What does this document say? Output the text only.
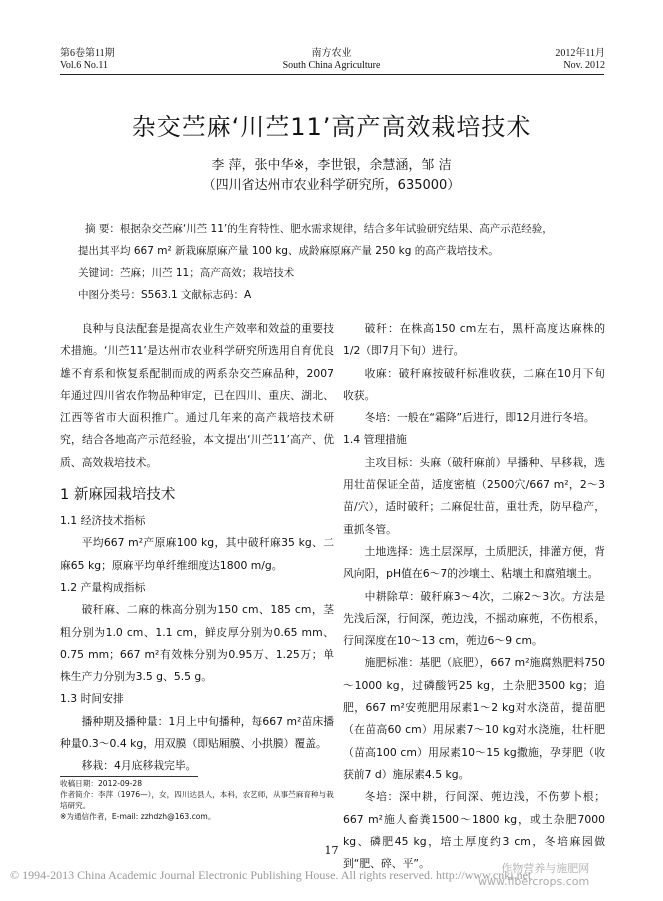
第6卷第11期
Vol.6 No.11
南方农业
South China Agriculture
2012年11月
Nov. 2012
杂交苎麻‘川苎11’高产高效栽培技术
李 萍，张中华※，李世银，余慧涵，邹 洁
（四川省达州市农业科学研究所，635000）
摘 要：根据杂交苎麻‘川苎 11’的生育特性、肥水需求规律，结合多年试验研究结果、高产示范经验，
提出其平均 667 m² 新栽麻原麻产量 100 kg、成龄麻原麻产量 250 kg 的高产栽培技术。
关键词：苎麻；川苎 11；高产高效；栽培技术
中图分类号：S563.1 文献标志码：A

良种与良法配套是提高农业生产效率和效益的重要技术措施。‘川苎11’是达州市农业科学研究所选用自育优良雄不育系和恢复系配制而成的两系杂交苎麻品种，2007年通过四川省农作物品种审定，已在四川、重庆、湖北、江西等省市大面积推广。通过几年来的高产栽培技术研究，结合各地高产示范经验，本文提出‘川苎11’高产、优质、高效栽培技术。

1 新麻园栽培技术

1.1 经济技术指标

平均667 m²产原麻100 kg，其中破秆麻35 kg、二麻65 kg；原麻平均单纤维细度达1800 m/g。

1.2 产量构成指标

破秆麻、二麻的株高分别为150 cm、185 cm，茎粗分别为1.0 cm、1.1 cm，鲜皮厚分别为0.65 mm、0.75 mm；667 m²有效株分别为0.95万、1.25万；单株生产力分别为3.5 g、5.5 g。

1.3 时间安排

播种期及播种量：1月上中旬播种，每667 m²苗床播种量0.3～0.4 kg，用双膜（即贴厢膜、小拱膜）覆盖。

移栽：4月底移栽完毕。

破秆：在株高150 cm左右，黑杆高度达麻株的1/2（即7月下旬）进行。

收麻：破秆麻按破秆标准收获，二麻在10月下旬收获。

冬培：一般在“霜降”后进行，即12月进行冬培。

1.4 管理措施

主攻目标：头麻（破秆麻前）早播种、早移栽，选用壮苗保证全苗，适度密植（2500穴/667 m²，2～3苗/穴），适时破秆；二麻促壮苗，重壮秃，防早稳产，重抓冬管。

土地选择：选土层深厚，土质肥沃，排灌方便，背风向阳，pH值在6～7的沙壤土、粘壤土和腐殖壤土。

中耕除草：破秆麻3～4次，二麻2～3次。方法是先浅后深，行间深，蔸边浅，不摇动麻蔸，不伤根系，行间深度在10～13 cm，蔸边6～9 cm。

施肥标准：基肥（底肥），667 m²施腐熟肥料750～1000 kg，过磷酸钙25 kg，土杂肥3500 kg；追肥，667 m²安蔸肥用尿素1～2 kg对水浇苗，提苗肥（在苗高60 cm）用尿素7～10 kg对水浇施，壮杆肥（苗高100 cm）用尿素10～15 kg撒施，孕芽肥（收获前7 d）施尿素4.5 kg。

冬培：深中耕，行间深、蔸边浅，不伤萝卜根；667 m²施人畜粪1500～1800 kg，或土杂肥7000 kg、磷肥45 kg，培土厚度约3 cm，冬培麻园做到“肥、碎、平”。

收稿日期：2012-09-28
作者简介：李萍（1976—），女，四川达县人，本科，农艺师，从事苎麻育种与栽培研究。
※为通信作者，E-mail: zzhdzh@163.com。
17
© 1994-2013 China Academic Journal Electronic Publishing House. All rights reserved. http://www.cnki.net
作物营养与施肥网
www.fibercrops.com
